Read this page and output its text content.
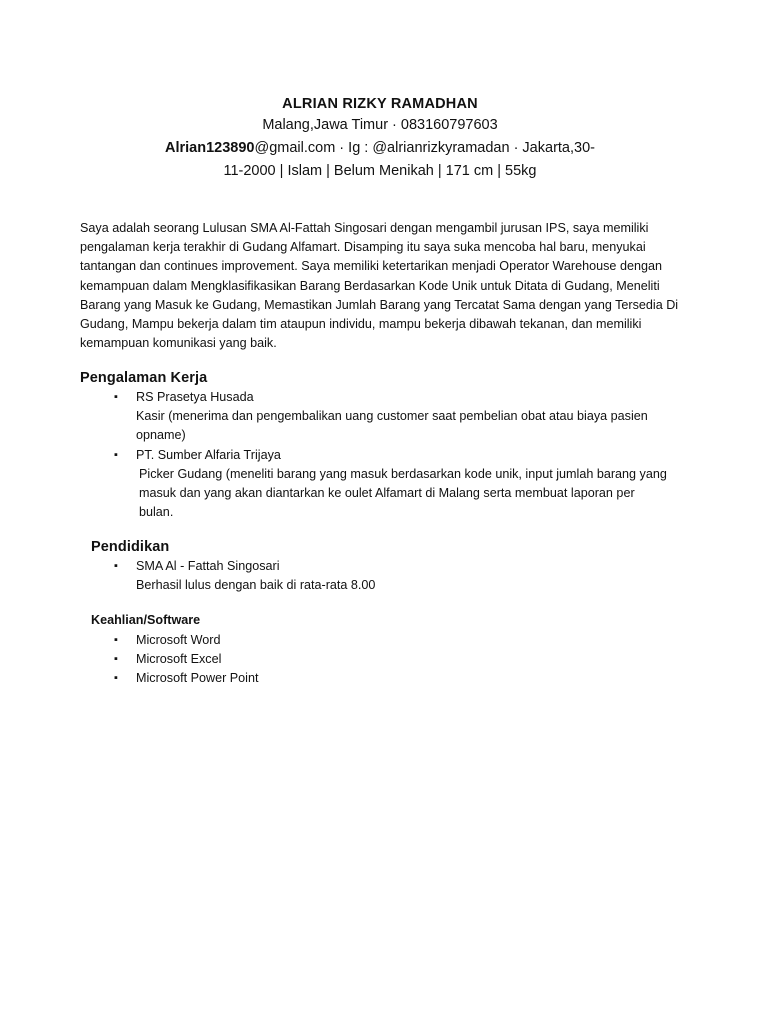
ALRIAN RIZKY RAMADHAN
Malang,Jawa Timur · 083160797603
Alrian123890@gmail.com · Ig : @alrianrizkyramadan · Jakarta,30-
11-2000 | Islam | Belum Menikah | 171 cm | 55kg
Saya adalah seorang Lulusan SMA Al-Fattah Singosari dengan mengambil jurusan IPS, saya memiliki pengalaman kerja terakhir di Gudang Alfamart. Disamping itu saya suka mencoba hal baru, menyukai tantangan dan continues improvement. Saya memiliki ketertarikan menjadi Operator Warehouse dengan kemampuan dalam Mengklasifikasikan Barang Berdasarkan Kode Unik untuk Ditata di Gudang, Meneliti Barang yang Masuk ke Gudang, Memastikan Jumlah Barang yang Tercatat Sama dengan yang Tersedia Di Gudang, Mampu bekerja dalam tim ataupun individu, mampu bekerja dibawah tekanan, dan memiliki kemampuan komunikasi yang baik.
Pengalaman Kerja
▪ RS Prasetya Husada
Kasir (menerima dan pengembalikan uang customer saat pembelian obat atau biaya pasien opname)
▪ PT. Sumber Alfaria Trijaya
Picker Gudang (meneliti barang yang masuk berdasarkan kode unik, input jumlah barang yang masuk dan yang akan diantarkan ke oulet Alfamart di Malang serta membuat laporan per bulan.
Pendidikan
▪ SMA Al - Fattah Singosari
Berhasil lulus dengan baik di rata-rata 8.00
Keahlian/Software
▪ Microsoft Word
▪ Microsoft Excel
▪ Microsoft Power Point
